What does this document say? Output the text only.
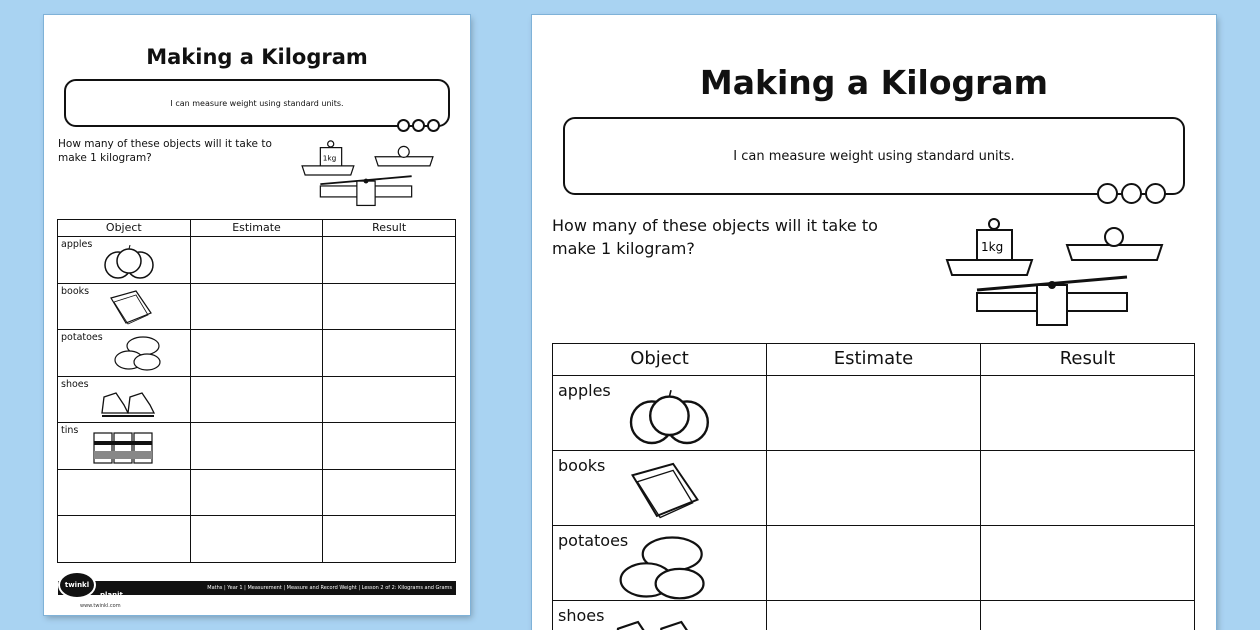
Making a Kilogram
I can measure weight using standard units.
How many of these objects will it take to make 1 kilogram?	1kg
Object	Estimate	Result
apples

books

potatoes

shoes

tins

Maths | Year 1 | Measurement | Measure and Record Weight | Lesson 2 of 2: Kilograms and Grams
twinkl
planit
www.twinkl.com
Making a Kilogram
I can measure weight using standard units.
How many of these objects will it take to make 1 kilogram?	1kg
Object	Estimate	Result
apples

books

potatoes

shoes
